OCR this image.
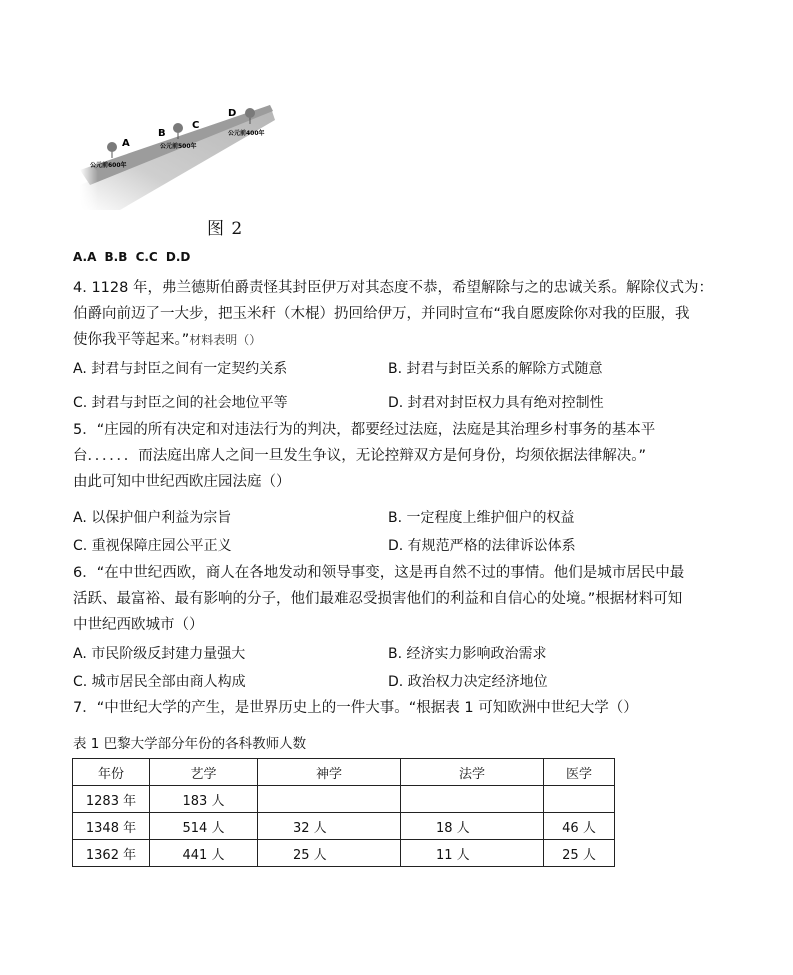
A
B
C
D
公元前600年
公元前500年
公元前400年
图 2
A.A B.B C.C D.D
4. 1128 年，弗兰德斯伯爵责怪其封臣伊万对其态度不恭，希望解除与之的忠诚关系。解除仪式为：
伯爵向前迈了一大步，把玉米秆（木棍）扔回给伊万，并同时宣布“我自愿废除你对我的臣服，我
使你我平等起来。”材料表明（）
A. 封君与封臣之间有一定契约关系	B. 封君与封臣关系的解除方式随意
C. 封君与封臣之间的社会地位平等	D. 封君对封臣权力具有绝对控制性
5．“庄园的所有决定和对违法行为的判决，都要经过法庭，法庭是其治理乡村事务的基本平
台．．．．．．而法庭出席人之间一旦发生争议，无论控辩双方是何身份，均须依据法律解决。”
由此可知中世纪西欧庄园法庭（）
A. 以保护佃户利益为宗旨	B. 一定程度上维护佃户的权益
C. 重视保障庄园公平正义	D. 有规范严格的法律诉讼体系
6．“在中世纪西欧，商人在各地发动和领导事变，这是再自然不过的事情。他们是城市居民中最
活跃、最富裕、最有影响的分子，他们最难忍受损害他们的利益和自信心的处境。”根据材料可知
中世纪西欧城市（）
A. 市民阶级反封建力量强大	B. 经济实力影响政治需求
C. 城市居民全部由商人构成	D. 政治权力决定经济地位
7．“中世纪大学的产生，是世界历史上的一件大事。“根据表 1 可知欧洲中世纪大学（）
表 1 巴黎大学部分年份的各科教师人数
年份	艺学	神学	法学	医学
1283 年	183 人			
1348 年	514 人	32 人	18 人	46 人
1362 年	441 人	25 人	11 人	25 人
